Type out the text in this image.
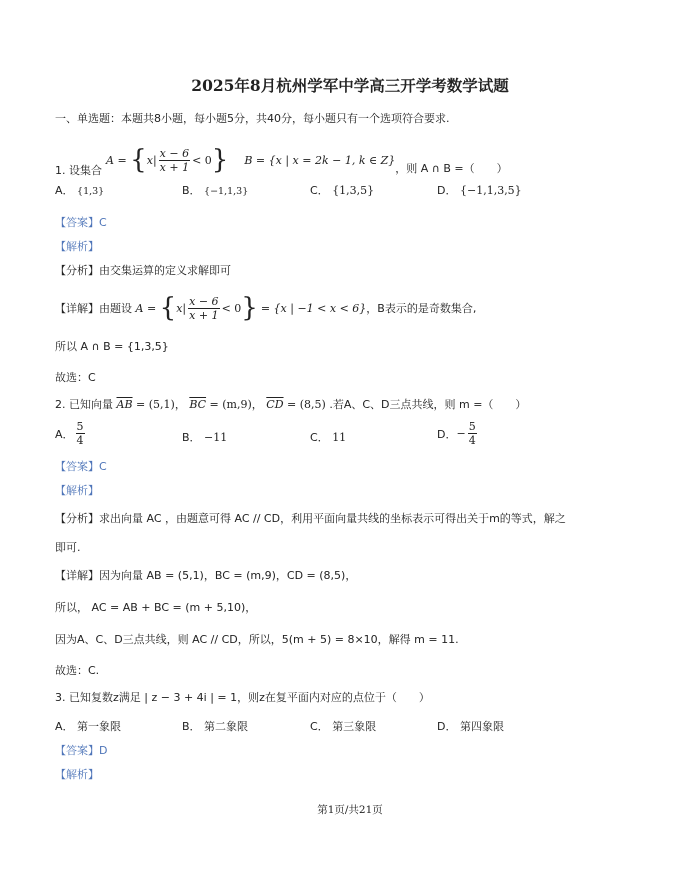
2025年8月杭州学军中学高三开学考数学试题
一、单选题：本题共8小题，每小题5分，共40分，每小题只有一个选项符合要求.
1. 设集合
A = { x | $\frac{x - 6}{x + 1} < 0$ } B = {x | x = 2k − 1, k ∈ Z}
，则 A ∩ B =（　　）
A． {1,3}	B． {−1,1,3}	C． {1,3,5}	D． {−1,1,3,5}
【答案】C
【解析】
【分析】由交集运算的定义求解即可
【详解】由题设 A = { x | $\frac{x - 6}{x + 1} < 0$ } = {x | −1 < x < 6} ，B表示的是奇数集合,
所以 A ∩ B = {1,3,5}
故选：C
2. 已知向量 $\overline{AB} = (5,1)$， $\overline{BC} = (m,9)$， $\overline{CD} = (8,5)$ .若A、C、D三点共线，则 m =（　　）
A． $\frac{5}{4}$	B． −11	C． 11	D． − $\frac{5}{4}$
【答案】C
【解析】
【分析】求出向量 AC ，由题意可得 AC // CD，利用平面向量共线的坐标表示可得出关于m的等式，解之
即可.
【详解】因为向量 AB = (5,1)，BC = (m,9)，CD = (8,5)，
所以， AC = AB + BC = (m + 5,10)，
因为A、C、D三点共线，则 AC // CD，所以，5(m + 5) = 8×10，解得 m = 11.
故选：C.
3. 已知复数z满足 | z − 3 + 4i | = 1，则z在复平面内对应的点位于（　　）
A． 第一象限	B． 第二象限	C． 第三象限	D． 第四象限
【答案】D
【解析】
第1页/共21页
